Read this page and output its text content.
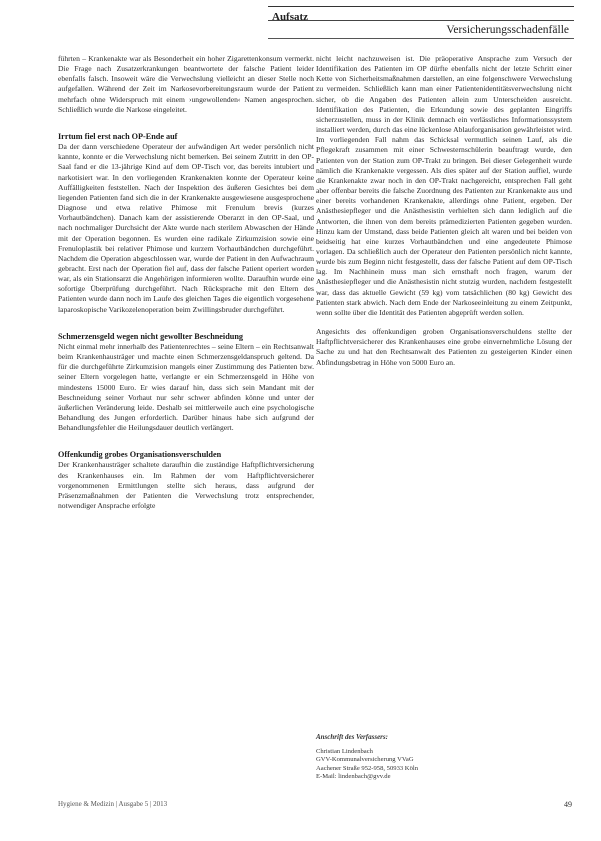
Aufsatz
Versicherungsschadenfälle

führten – Krankenakte war als Besonderheit ein hoher Zigarettenkonsum vermerkt. Die Frage nach Zusatzerkrankungen beantwortete der falsche Patient leider ebenfalls falsch. Insoweit wäre die Verwechslung vielleicht an dieser Stelle noch aufgefallen. Während der Zeit im Narkosevorbereitungsraum wurde der Patient mehrfach ohne Widerspruch mit einem ›ungewollenden‹ Namen angesprochen. Schließlich wurde die Narkose eingeleitet.

Irrtum fiel erst nach OP-Ende auf

Da der dann verschiedene Operateur der aufwändigen Art weder persönlich nicht kannte, konnte er die Verwechslung nicht bemerken. Bei seinem Zutritt in den OP-Saal fand er die 13-jährige Kind auf dem OP-Tisch vor, das bereits intubiert und narkotisiert war. In den vorliegenden Krankenakten konnte der Operateur keine Auffälligkeiten feststellen. Nach der Inspektion des äußeren Gesichtes bei dem liegenden Patienten fand sich die in der Krankenakte ausgewiesene ausgesprochene Diagnose und etwa relative Phimose mit Frenulum brevis (kurzes Vorhautbändchen). Danach kam der assistierende Oberarzt in den OP-Saal, und nach nochmaliger Durchsicht der Akte wurde nach sterilem Abwaschen der Hände mit der Operation begonnen. Es wurden eine radikale Zirkumzision sowie eine Frenuloplastik bei relativer Phimose und kurzem Vorhautbändchen durchgeführt. Nachdem die Operation abgeschlossen war, wurde der Patient in den Aufwachraum gebracht. Erst nach der Operation fiel auf, dass der falsche Patient operiert worden war, als ein Stationsarzt die Angehörigen informieren wollte. Daraufhin wurde eine sofortige Überprüfung durchgeführt. Nach Rücksprache mit den Eltern des Patienten wurde dann noch im Laufe des gleichen Tages die eigentlich vorgesehene laparoskopische Varikozelenoperation beim Zwillingsbruder durchgeführt.

Schmerzensgeld wegen nicht gewollter Beschneidung

Nicht einmal mehr innerhalb des Patientenrechtes – seine Eltern – ein Rechtsanwalt beim Krankenhausträger und machte einen Schmerzensgeldanspruch geltend. Da für die durchgeführte Zirkumzision mangels einer Zustimmung des Patienten bzw. seiner Eltern vorgelegen hatte, verlangte er ein Schmerzensgeld in Höhe von mindestens 15000 Euro. Er wies darauf hin, dass sich sein Mandant mit der Beschneidung seiner Vorhaut nur sehr schwer abfinden könne und unter der äußerlichen Veränderung leide. Deshalb sei mittlerweile auch eine psychologische Behandlung des Jungen erforderlich. Darüber hinaus habe sich aufgrund der Behandlungsfehler die Heilungsdauer deutlich verlängert.

Offenkundig grobes Organisationsverschulden

Der Krankenhausträger schaltete daraufhin die zuständige Haftpflichtversicherung des Krankenhauses ein. Im Rahmen der vom Haftpflichtversicherer vorgenommenen Ermittlungen stellte sich heraus, dass aufgrund der Präsenzmaßnahmen der Patienten die Verwechslung trotz entsprechender, notwendiger Ansprache erfolgte

nicht leicht nachzuweisen ist. Die präoperative Ansprache zum Versuch der Identifikation des Patienten im OP dürfte ebenfalls nicht der letzte Schritt einer Kette von Sicherheitsmaßnahmen darstellen, an eine folgenschwere Verwechslung zu vermeiden. Schließlich kann man einer Patientenidentitätsverwechslung nicht sicher, ob die Angaben des Patienten allein zum Unterscheiden ausreicht. Identifikation des Patienten, die Erkundung sowie des geplanten Eingriffs sicherzustellen, muss in der Klinik demnach ein verlässliches Informationssystem installiert werden, durch das eine lückenlose Ablauforganisation gewährleistet wird. Im vorliegenden Fall nahm das Schicksal vermutlich seinen Lauf, als die Pflegekraft zusammen mit einer Schwesternschülerin beauftragt wurde, den Patienten von der Station zum OP-Trakt zu bringen. Bei dieser Gelegenheit wurde nämlich die Krankenakte vergessen. Als dies später auf der Station auffiel, wurde die Krankenakte zwar noch in den OP-Trakt nachgereicht, entsprechen Fall geht aber offenbar bereits die falsche Zuordnung des Patienten zur Krankenakte aus und einer bereits vorhandenen Krankenakte, allerdings ohne Patient, ergeben. Der Anästhesiepfleger und die Anästhesistin verhielten sich dann lediglich auf die Antworten, die ihnen von dem bereits prämedizierten Patienten gegeben wurden. Hinzu kam der Umstand, dass beide Patienten gleich alt waren und bei beiden von beidseitig hat eine kurzes Vorhautbändchen und eine angedeutete Phimose vorlagen. Da schließlich auch der Operateur den Patienten persönlich nicht kannte, wurde bis zum Beginn nicht festgestellt, dass der falsche Patient auf dem OP-Tisch lag. Im Nachhinein muss man sich ernsthaft noch fragen, warum der Anästhesiepfleger und die Anästhesistin nicht stutzig wurden, nachdem festgestellt war, dass das aktuelle Gewicht (59 kg) vom tatsächlichen (80 kg) Gewicht des Patienten stark abwich. Nach dem Ende der Narkoseeinleitung zu einem Zeitpunkt, wenn sollte über die Identität des Patienten abgeprüft werden sollen.

Angesichts des offenkundigen groben Organisationsverschuldens stellte der Haftpflichtversicherer des Krankenhauses eine grobe einvernehmliche Lösung der Sache zu und hat den Rechtsanwalt des Patienten zu gesteigerten Kinder einen Abfindungsbetrag in Höhe von 5000 Euro an.

Anschrift des Verfassers:
Christian Lindenbach
GVV-Kommunalversicherung VVaG
Aachener Straße 952-958, 50933 Köln
E-Mail: lindenbach@gvv.de
Hygiene & Medizin | Ausgabe 5 | 2013	49
